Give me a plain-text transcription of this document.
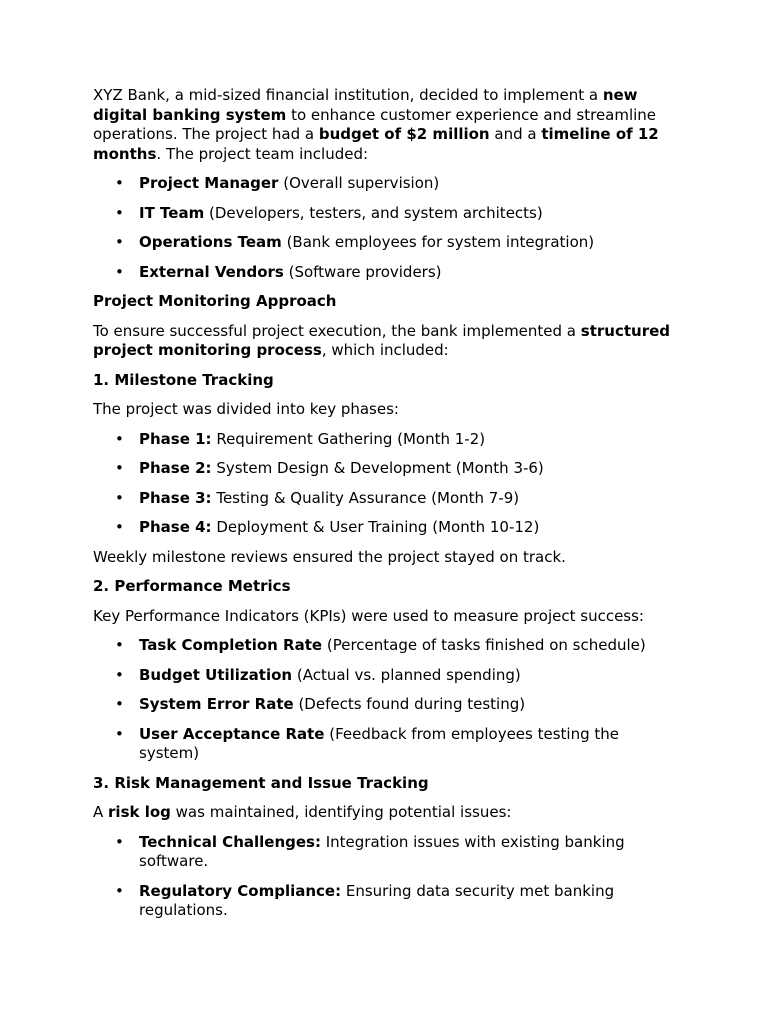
XYZ Bank, a mid-sized financial institution, decided to implement a new digital banking system to enhance customer experience and streamline operations. The project had a budget of $2 million and a timeline of 12 months. The project team included:

• Project Manager (Overall supervision)
• IT Team (Developers, testers, and system architects)
• Operations Team (Bank employees for system integration)
• External Vendors (Software providers)
Project Monitoring Approach

To ensure successful project execution, the bank implemented a structured project monitoring process, which included:

1. Milestone Tracking

The project was divided into key phases:

• Phase 1: Requirement Gathering (Month 1-2)
• Phase 2: System Design & Development (Month 3-6)
• Phase 3: Testing & Quality Assurance (Month 7-9)
• Phase 4: Deployment & User Training (Month 10-12)

Weekly milestone reviews ensured the project stayed on track.

2. Performance Metrics

Key Performance Indicators (KPIs) were used to measure project success:

• Task Completion Rate (Percentage of tasks finished on schedule)
• Budget Utilization (Actual vs. planned spending)
• System Error Rate (Defects found during testing)
• User Acceptance Rate (Feedback from employees testing the system)
3. Risk Management and Issue Tracking

A risk log was maintained, identifying potential issues:

• Technical Challenges: Integration issues with existing banking software.
• Regulatory Compliance: Ensuring data security met banking regulations.
